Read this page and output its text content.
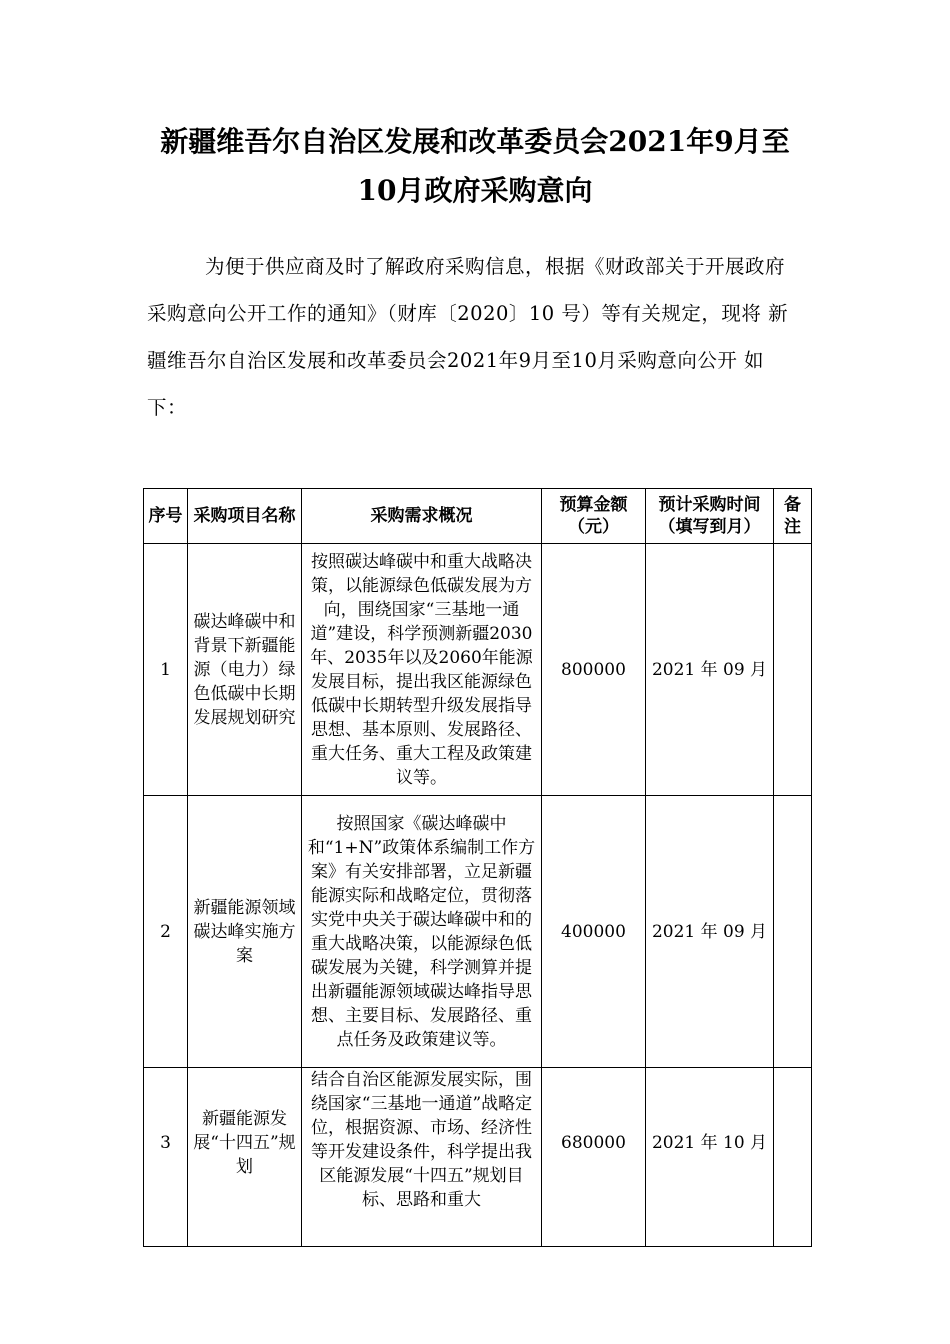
新疆维吾尔自治区发展和改革委员会2021年9月至
10月政府采购意向

为便于供应商及时了解政府采购信息，根据《财政部关于开展政府采购意向公开工作的通知》（财库〔2020〕10 号）等有关规定，现将 新疆维吾尔自治区发展和改革委员会2021年9月至10月采购意向公开 如下：

序号	采购项目名称	采购需求概况	预算金额（元）	预计采购时间（填写到月）	备注
1	碳达峰碳中和背景下新疆能源（电力）绿色低碳中长期发展规划研究	按照碳达峰碳中和重大战略决策，以能源绿色低碳发展为方向，围绕国家“三基地一通道”建设，科学预测新疆2030年、2035年以及2060年能源发展目标，提出我区能源绿色低碳中长期转型升级发展指导思想、基本原则、发展路径、重大任务、重大工程及政策建议等。	800000	2021 年 09 月	
2	新疆能源领域碳达峰实施方案	按照国家《碳达峰碳中和“1+N”政策体系编制工作方案》有关安排部署，立足新疆能源实际和战略定位，贯彻落实党中央关于碳达峰碳中和的重大战略决策，以能源绿色低碳发展为关键，科学测算并提出新疆能源领域碳达峰指导思想、主要目标、发展路径、重点任务及政策建议等。	400000	2021 年 09 月	
3	新疆能源发展“十四五”规划	结合自治区能源发展实际，围绕国家“三基地一通道”战略定位，根据资源、市场、经济性等开发建设条件，科学提出我区能源发展“十四五”规划目标、思路和重大	680000	2021 年 10 月	
